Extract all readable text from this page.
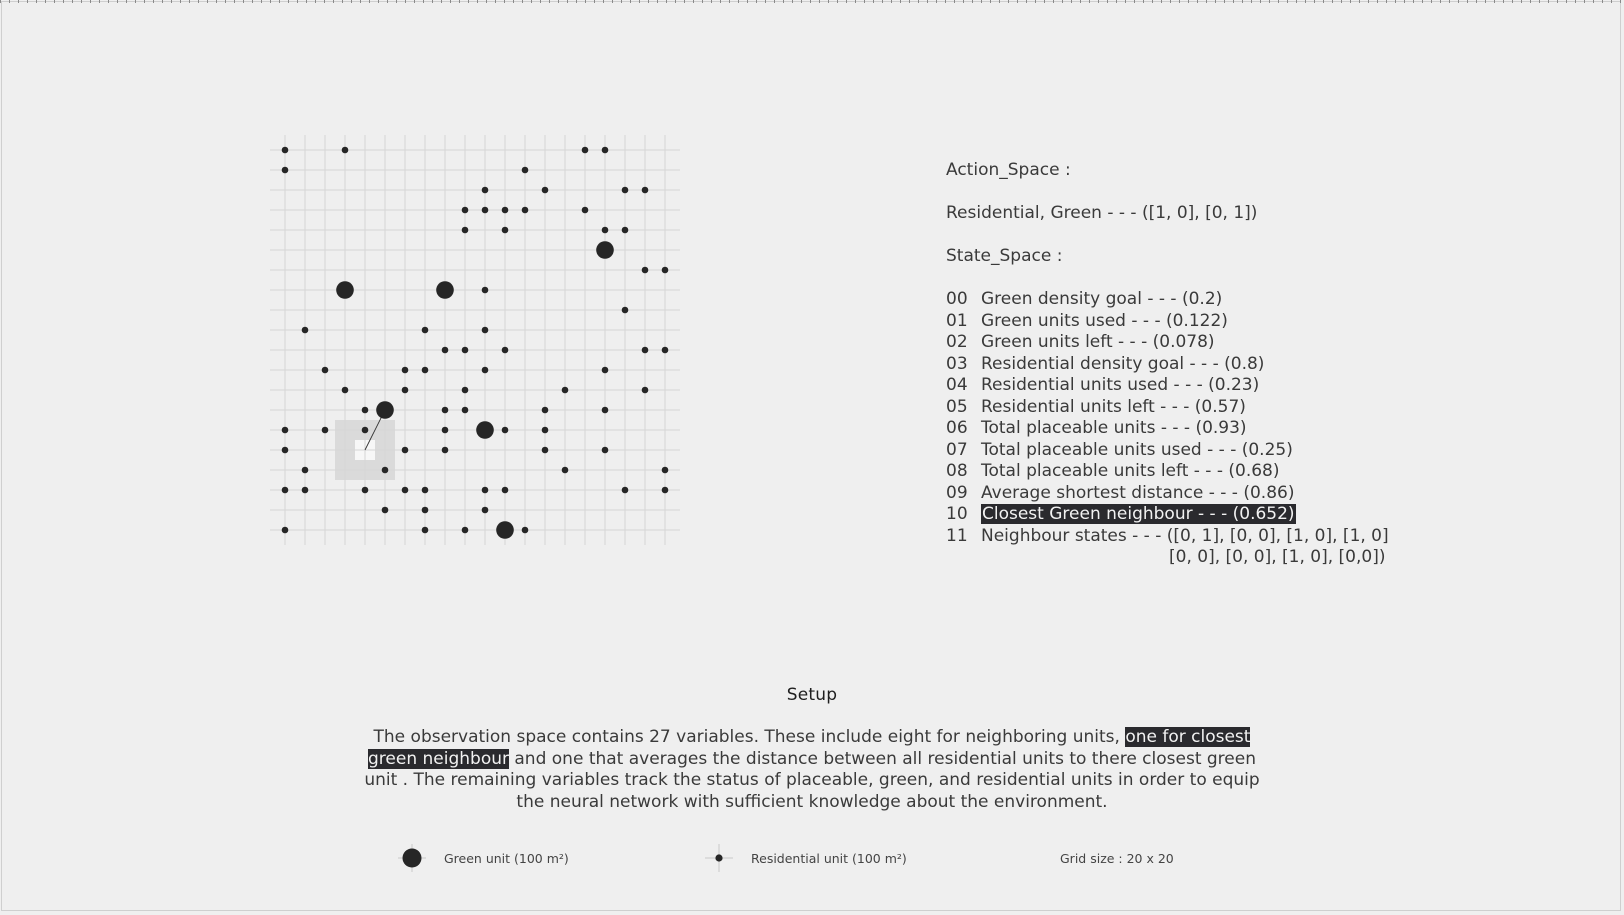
Action_Space :
Residential, Green - - - ([1, 0], [0, 1])
State_Space :
00 Green density goal - - - (0.2)
01 Green units used - - - (0.122)
02 Green units left - - - (0.078)
03 Residential density goal - - - (0.8)
04 Residential units used - - - (0.23)
05 Residential units left - - - (0.57)
06 Total placeable units - - - (0.93)
07 Total placeable units used - - - (0.25)
08 Total placeable units left - - - (0.68)
09 Average shortest distance - - - (0.86)
10 Closest Green neighbour - - - (0.652)
11 Neighbour states - - - ([0, 1], [0, 0], [1, 0], [1, 0]
[0, 0], [0, 0], [1, 0], [0,0])
Setup
The observation space contains 27 variables. These include eight for neighboring units, one for closest green neighbour and one that averages the distance between all residential units to there closest green unit . The remaining variables track the status of placeable, green, and residential units in order to equip the neural network with sufficient knowledge about the environment.
Green unit (100 m²)	Residential unit (100 m²)	Grid size : 20 x 20
